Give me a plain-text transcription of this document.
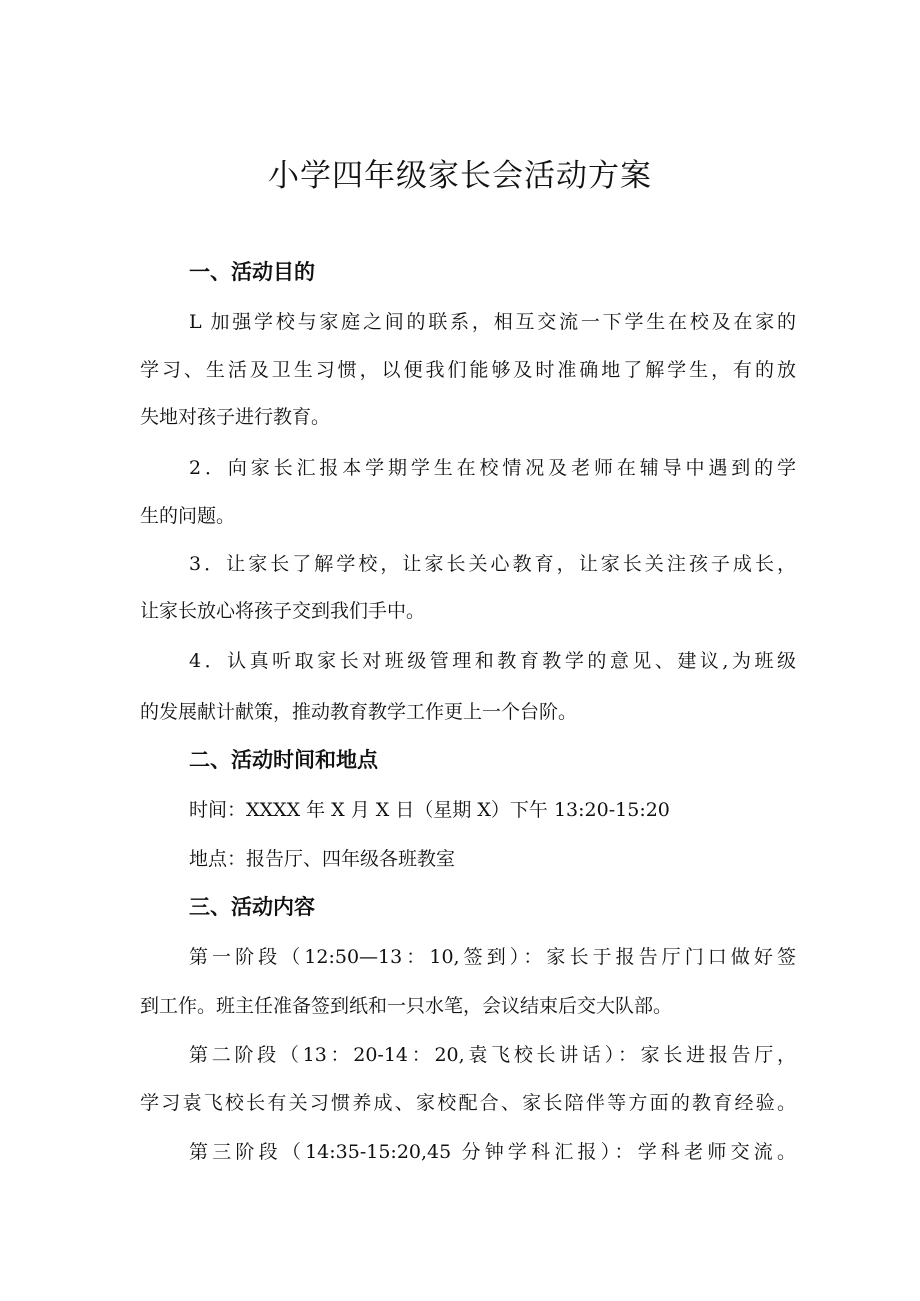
小学四年级家长会活动方案
一、活动目的

L 加强学校与家庭之间的联系，相互交流一下学生在校及在家的

学习、生活及卫生习惯，以便我们能够及时准确地了解学生，有的放

失地对孩子进行教育。

2．向家长汇报本学期学生在校情况及老师在辅导中遇到的学

生的问题。

3．让家长了解学校，让家长关心教育，让家长关注孩子成长，

让家长放心将孩子交到我们手中。

4．认真听取家长对班级管理和教育教学的意见、建议,为班级

的发展献计献策，推动教育教学工作更上一个台阶。

二、活动时间和地点

时间：XXXX 年 X 月 X 日（星期 X）下午 13:20-15:20

地点：报告厅、四年级各班教室

三、活动内容

第一阶段（12:50—13：10,签到）：家长于报告厅门口做好签

到工作。班主任准备签到纸和一只水笔，会议结束后交大队部。

第二阶段（13：20-14：20,袁飞校长讲话）：家长进报告厅，

学习袁飞校长有关习惯养成、家校配合、家长陪伴等方面的教育经验。

第三阶段（14:35-15:20,45 分钟学科汇报）：学科老师交流。
